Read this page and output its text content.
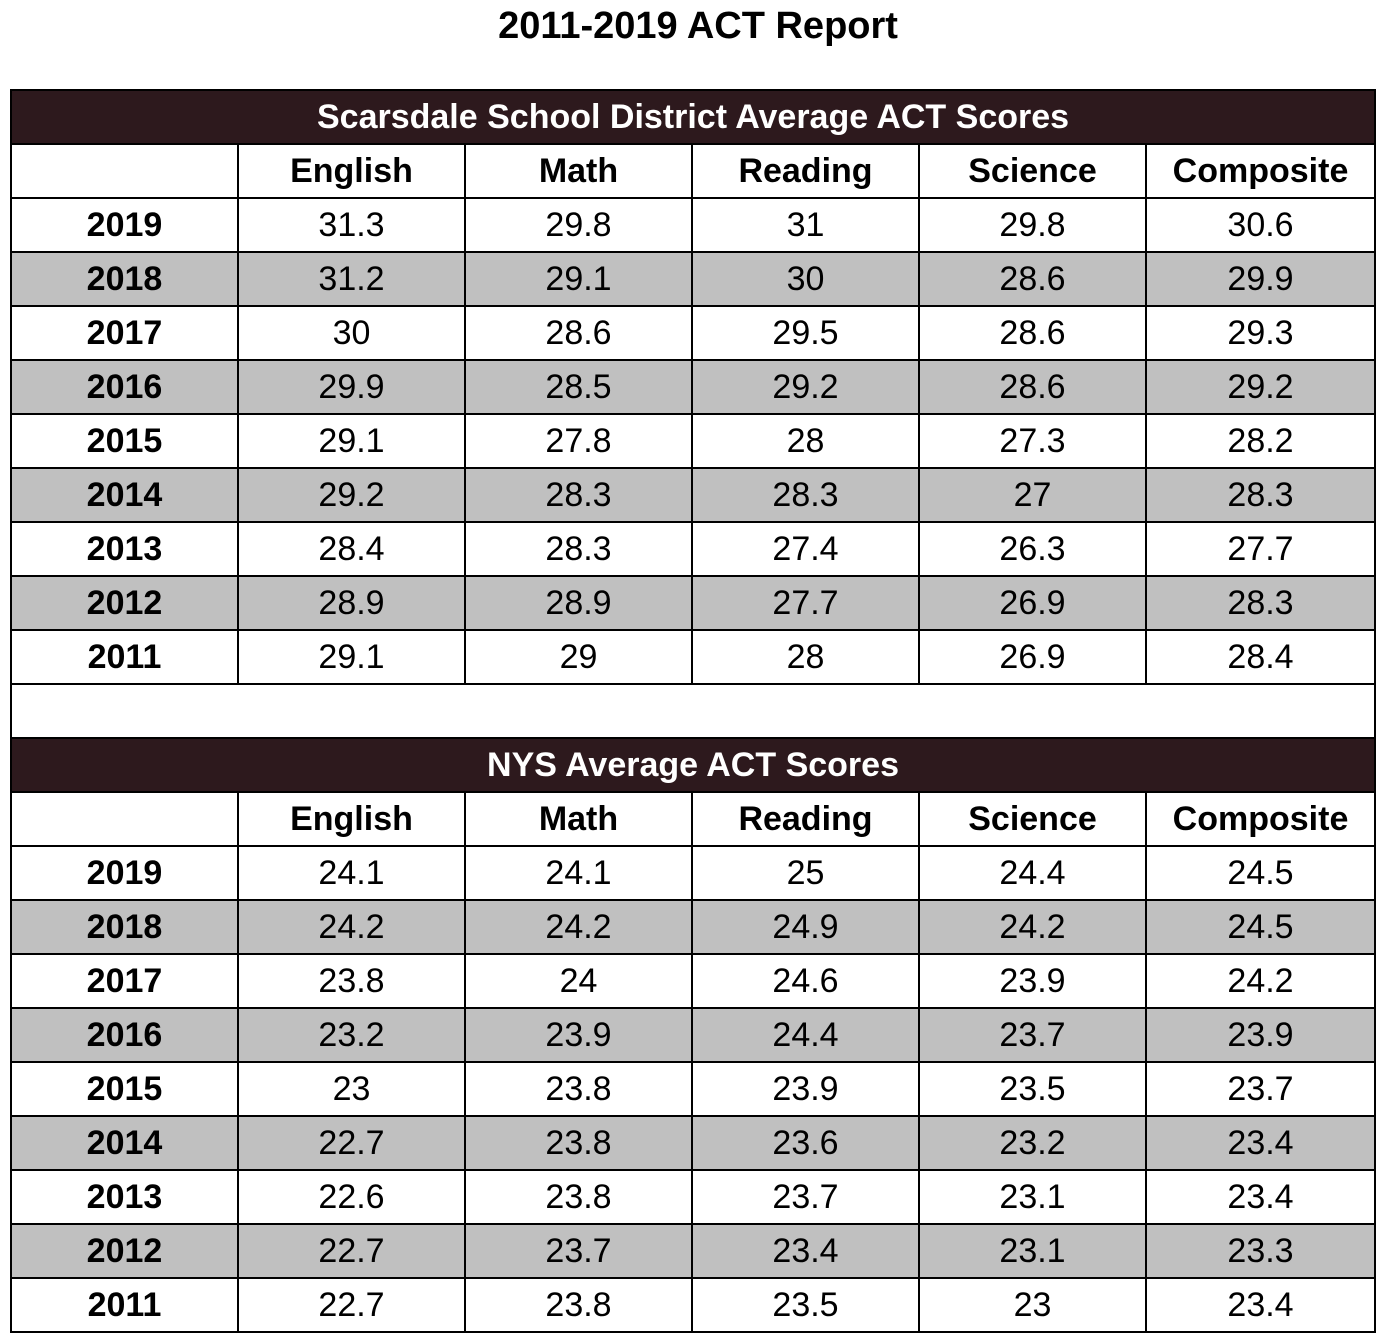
2011-2019 ACT Report
Scarsdale School District Average ACT Scores					
	English	Math	Reading	Science	Composite
2019	31.3	29.8	31	29.8	30.6
2018	31.2	29.1	30	28.6	29.9
2017	30	28.6	29.5	28.6	29.3
2016	29.9	28.5	29.2	28.6	29.2
2015	29.1	27.8	28	27.3	28.2
2014	29.2	28.3	28.3	27	28.3
2013	28.4	28.3	27.4	26.3	27.7
2012	28.9	28.9	27.7	26.9	28.3
2011	29.1	29	28	26.9	28.4

NYS Average ACT Scores					
	English	Math	Reading	Science	Composite
2019	24.1	24.1	25	24.4	24.5
2018	24.2	24.2	24.9	24.2	24.5
2017	23.8	24	24.6	23.9	24.2
2016	23.2	23.9	24.4	23.7	23.9
2015	23	23.8	23.9	23.5	23.7
2014	22.7	23.8	23.6	23.2	23.4
2013	22.6	23.8	23.7	23.1	23.4
2012	22.7	23.7	23.4	23.1	23.3
2011	22.7	23.8	23.5	23	23.4
